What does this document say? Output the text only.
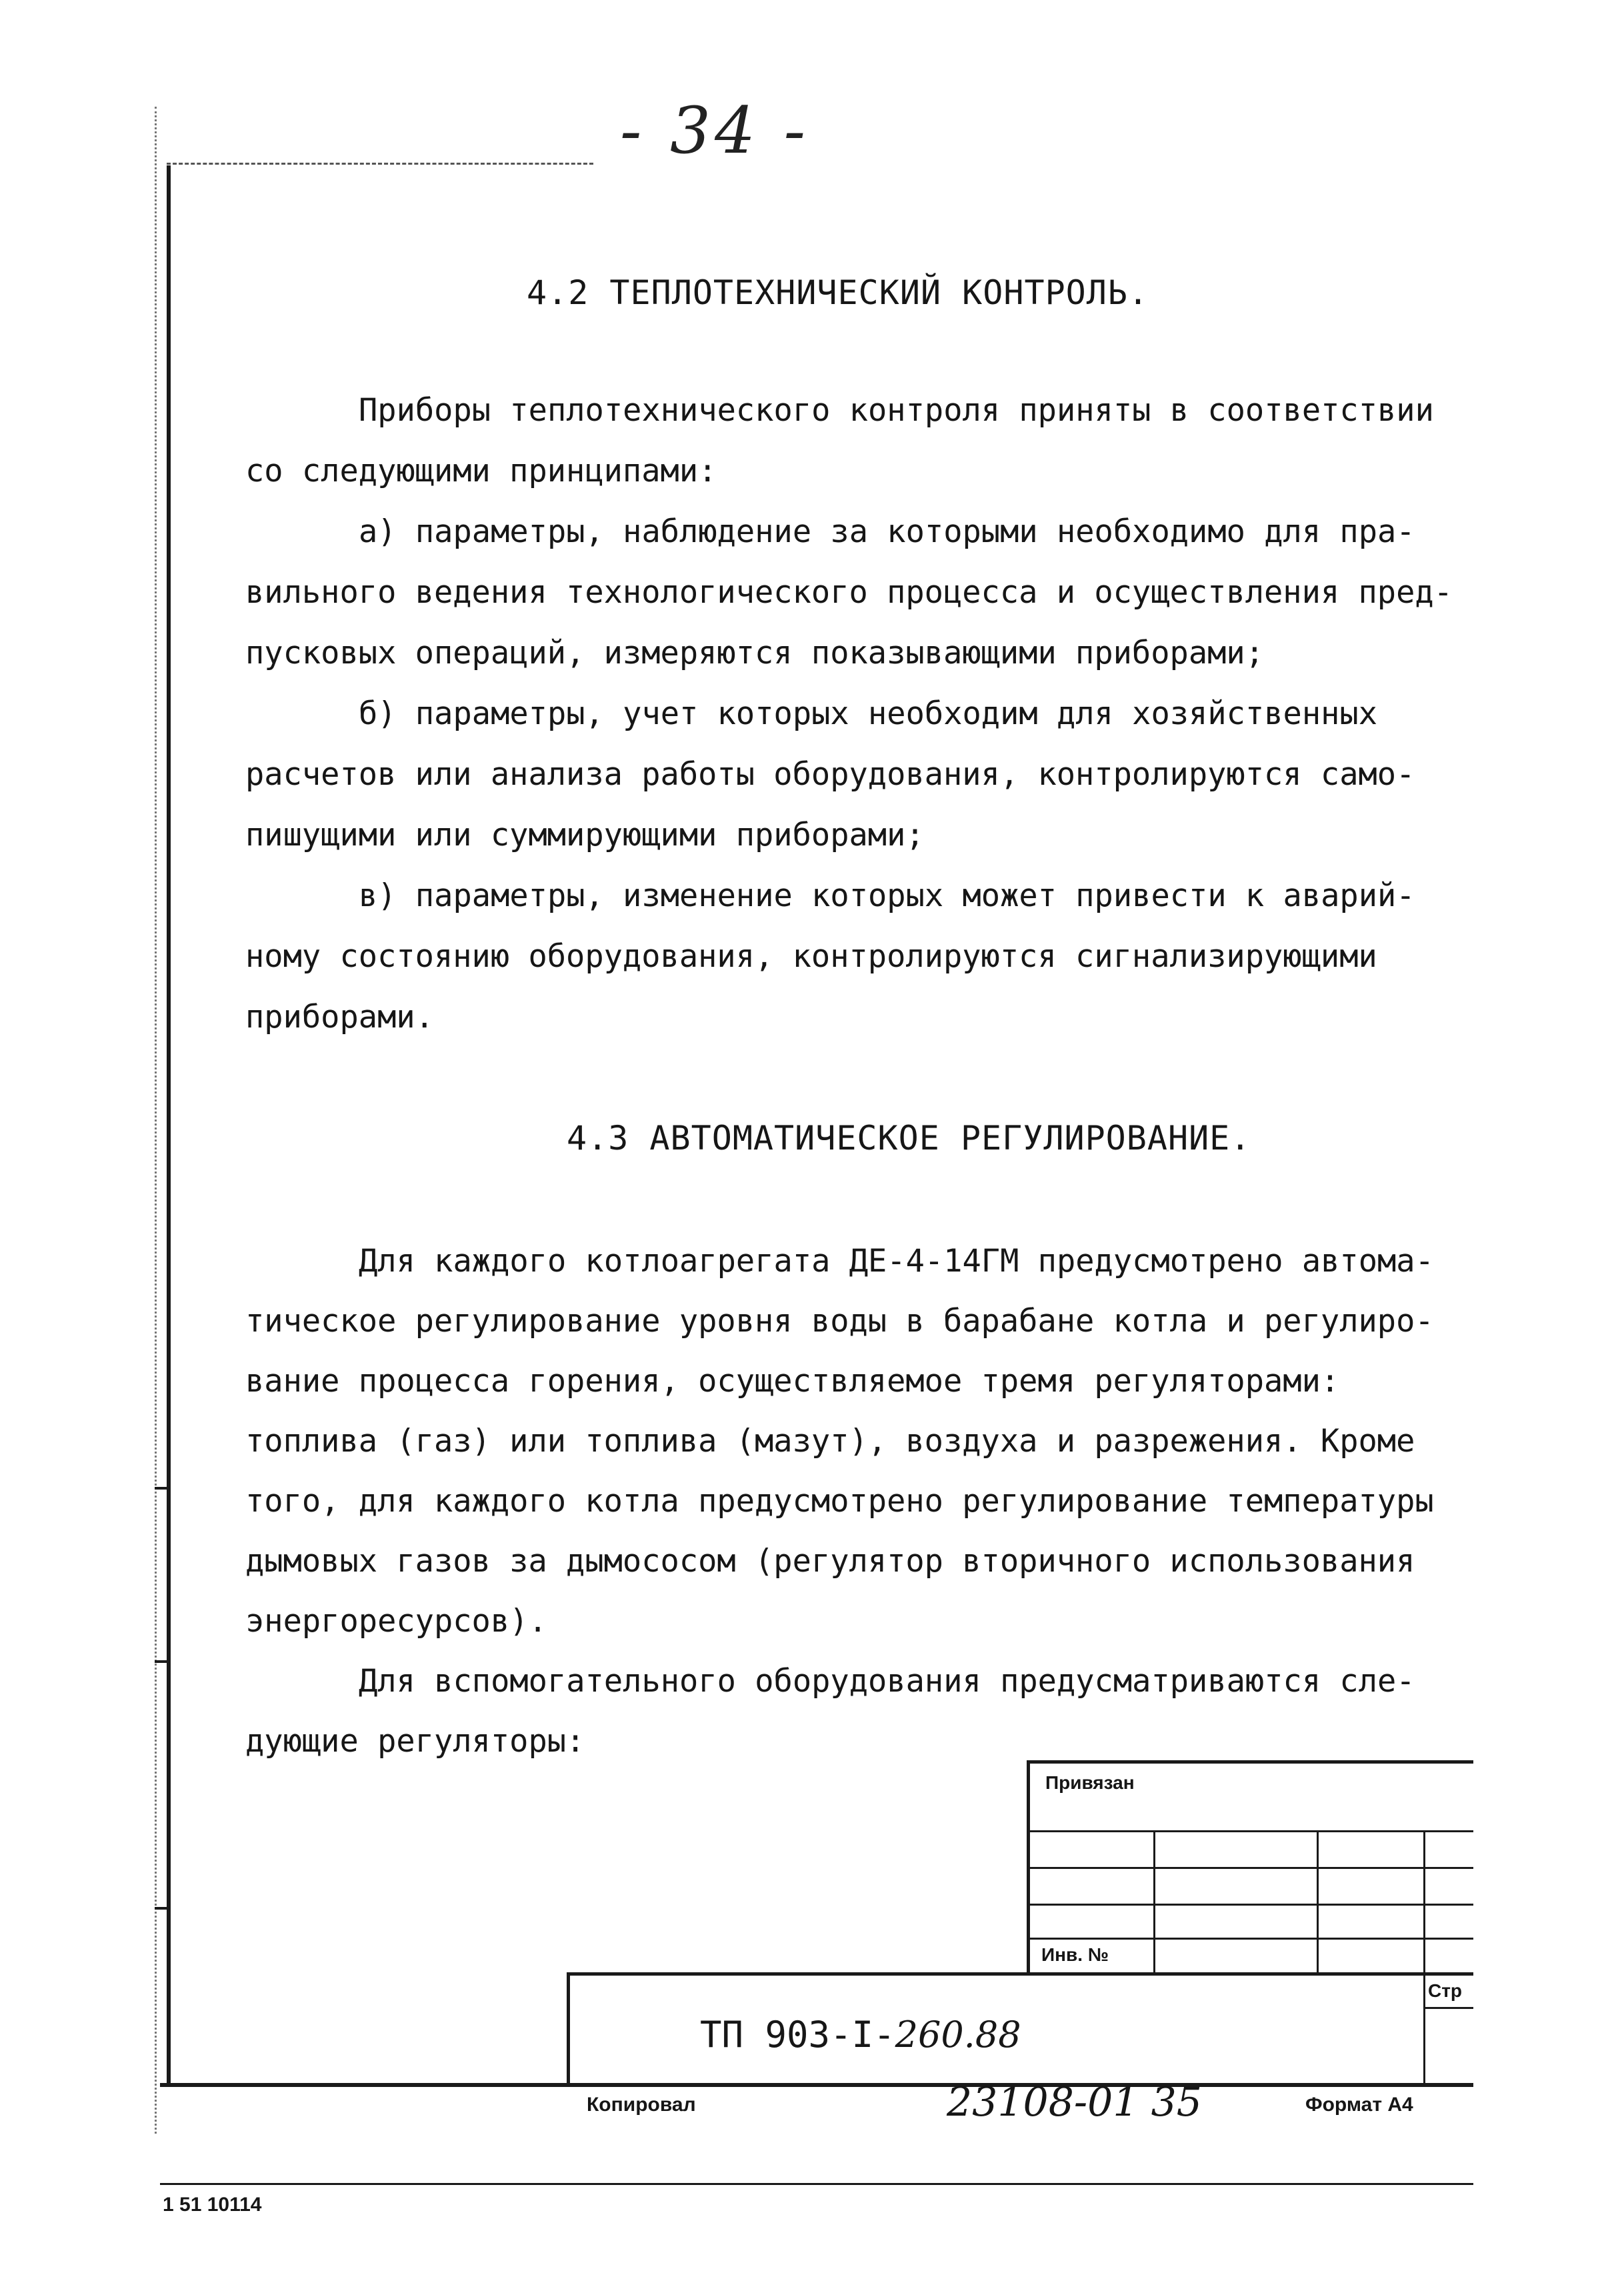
- 34 -
4.2 ТЕПЛОТЕХНИЧЕСКИЙ КОНТРОЛЬ.
Приборы теплотехнического контроля приняты в соответствии
со следующими принципами:
а) параметры, наблюдение за которыми необходимо для пра-
вильного ведения технологического процесса и осуществления пред-
пусковых операций, измеряются показывающими приборами;
б) параметры, учет которых необходим для хозяйственных
расчетов или анализа работы оборудования, контролируются само-
пишущими или суммирующими приборами;
в) параметры, изменение которых может привести к аварий-
ному состоянию оборудования, контролируются сигнализирующими
приборами.
4.3 АВТОМАТИЧЕСКОЕ РЕГУЛИРОВАНИЕ.
Для каждого котлоагрегата ДЕ-4-14ГМ предусмотрено автома-
тическое регулирование уровня воды в барабане котла и регулиро-
вание процесса горения, осуществляемое тремя регуляторами:
топлива (газ) или топлива (мазут), воздуха и разрежения. Кроме
того, для каждого котла предусмотрено регулирование температуры
дымовых газов за дымососом (регулятор вторичного использования
энергоресурсов).
Для вспомогательного оборудования предусматриваются сле-
дующие регуляторы:
Привязан
Инв. №
Стр
ТП 903-I-260.88
Копировал	23108-01 35	Формат А4
1 51 10114
